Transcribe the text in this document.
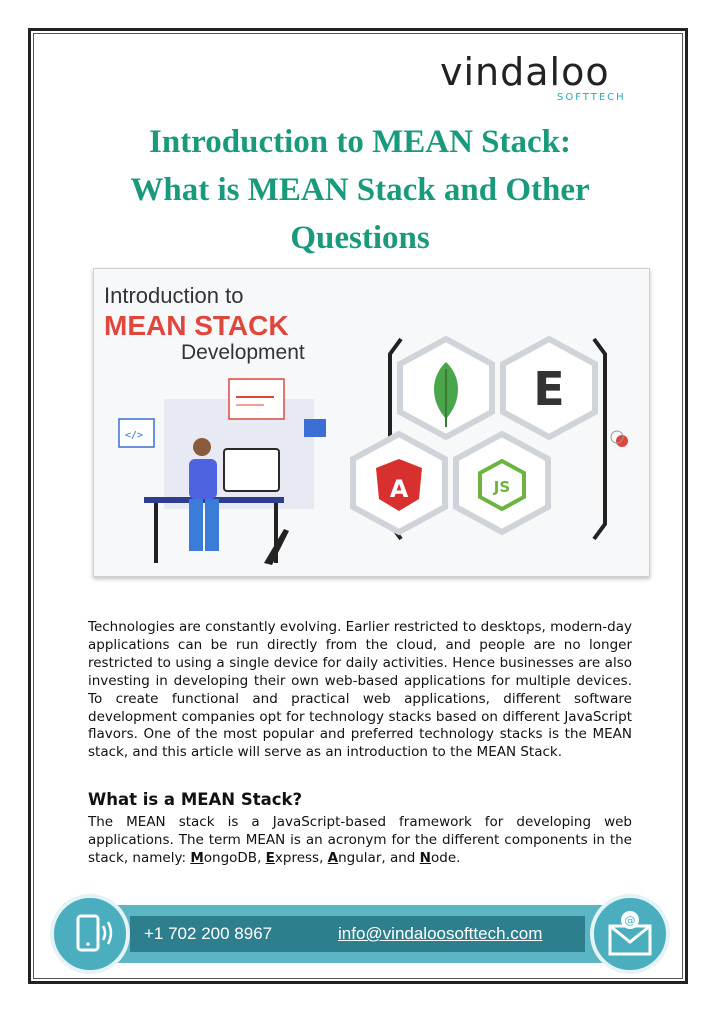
vindaloo
SOFTTECH
Introduction to MEAN Stack:
What is MEAN Stack and Other
Questions
Introduction to
MEAN STACK
Development
</>
E
A	JS

Technologies are constantly evolving. Earlier restricted to desktops, modern-day applications can be run directly from the cloud, and people are no longer restricted to using a single device for daily activities. Hence businesses are also investing in developing their own web-based applications for multiple devices. To create functional and practical web applications, different software development companies opt for technology stacks based on different JavaScript flavors. One of the most popular and preferred technology stacks is the MEAN stack, and this article will serve as an introduction to the MEAN Stack.

What is a MEAN Stack?

The MEAN stack is a JavaScript-based framework for developing web applications. The term MEAN is an acronym for the different components in the stack, namely: MongoDB, Express, Angular, and Node.

+1 702 200 8967	info@vindaloosofttech.com
@
